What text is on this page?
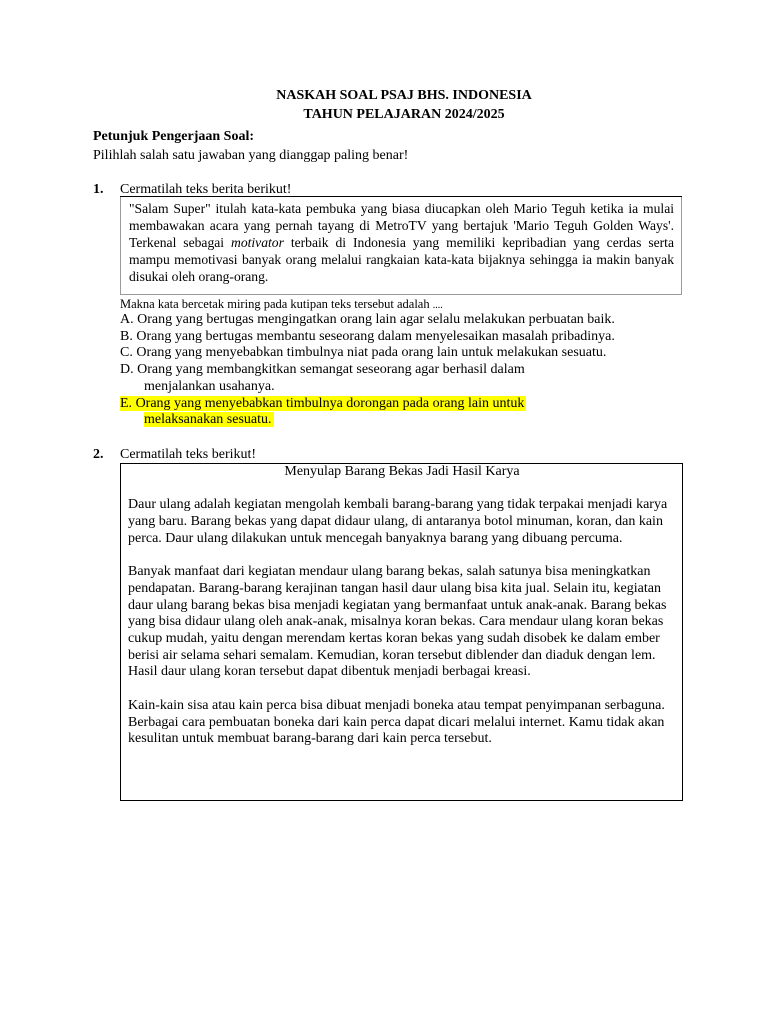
NASKAH SOAL PSAJ BHS. INDONESIA
TAHUN PELAJARAN 2024/2025
Petunjuk Pengerjaan Soal:
Pilihlah salah satu jawaban yang dianggap paling benar!
1. Cermatilah teks berita berikut!

"Salam Super" itulah kata-kata pembuka yang biasa diucapkan oleh Mario Teguh ketika ia mulai membawakan acara yang pernah tayang di MetroTV yang bertajuk 'Mario Teguh Golden Ways'. Terkenal sebagai motivator terbaik di Indonesia yang memiliki kepribadian yang cerdas serta mampu memotivasi banyak orang melalui rangkaian kata-kata bijaknya sehingga ia makin banyak disukai oleh orang-orang.

Makna kata bercetak miring pada kutipan teks tersebut adalah ....
A. Orang yang bertugas mengingatkan orang lain agar selalu melakukan perbuatan baik.
B. Orang yang bertugas membantu seseorang dalam menyelesaikan masalah pribadinya.
C. Orang yang menyebabkan timbulnya niat pada orang lain untuk melakukan sesuatu.
D. Orang yang membangkitkan semangat seseorang agar berhasil dalam
menjalankan usahanya.
E. Orang yang menyebabkan timbulnya dorongan pada orang lain untuk
melaksanakan sesuatu.
2. Cermatilah teks berikut!

Menyulap Barang Bekas Jadi Hasil Karya

Daur ulang adalah kegiatan mengolah kembali barang-barang yang tidak terpakai menjadi karya yang baru. Barang bekas yang dapat didaur ulang, di antaranya botol minuman, koran, dan kain perca. Daur ulang dilakukan untuk mencegah banyaknya barang yang dibuang percuma.

Banyak manfaat dari kegiatan mendaur ulang barang bekas, salah satunya bisa meningkatkan pendapatan. Barang-barang kerajinan tangan hasil daur ulang bisa kita jual. Selain itu, kegiatan daur ulang barang bekas bisa menjadi kegiatan yang bermanfaat untuk anak-anak. Barang bekas yang bisa didaur ulang oleh anak-anak, misalnya koran bekas. Cara mendaur ulang koran bekas cukup mudah, yaitu dengan merendam kertas koran bekas yang sudah disobek ke dalam ember berisi air selama sehari semalam. Kemudian, koran tersebut diblender dan diaduk dengan lem. Hasil daur ulang koran tersebut dapat dibentuk menjadi berbagai kreasi.

Kain-kain sisa atau kain perca bisa dibuat menjadi boneka atau tempat penyimpanan serbaguna. Berbagai cara pembuatan boneka dari kain perca dapat dicari melalui internet. Kamu tidak akan kesulitan untuk membuat barang-barang dari kain perca tersebut.
